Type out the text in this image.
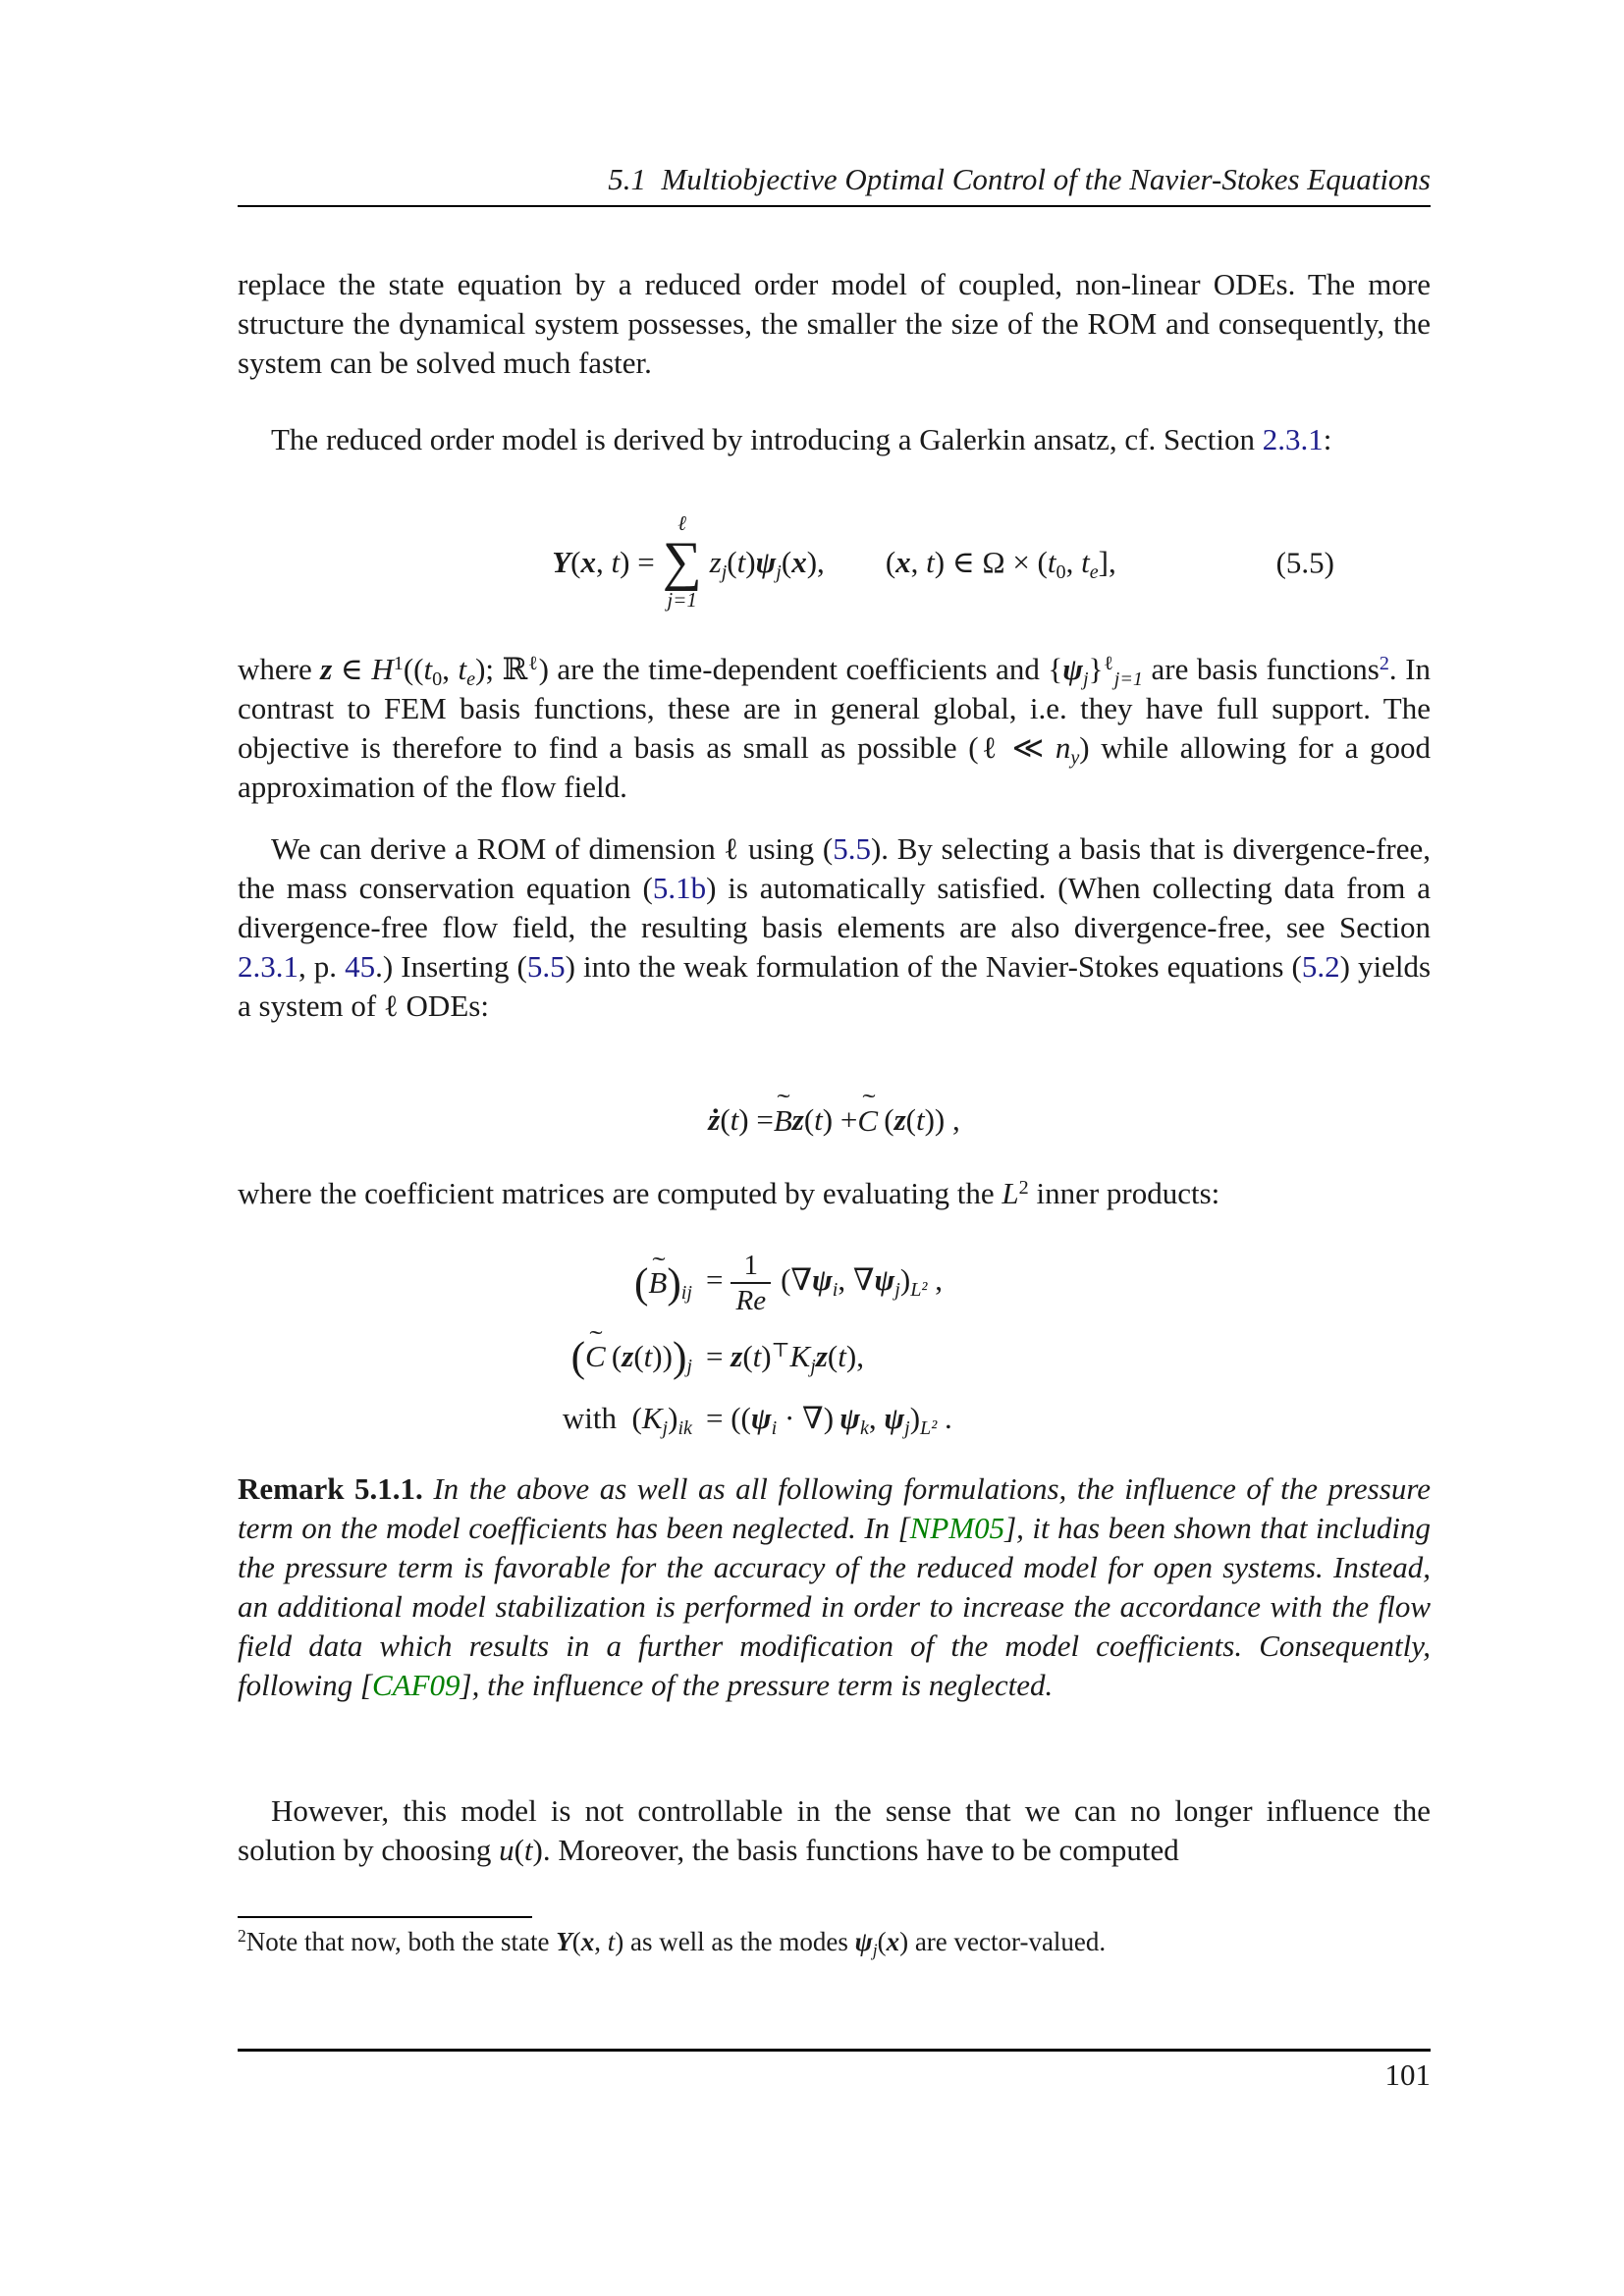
5.1 Multiobjective Optimal Control of the Navier-Stokes Equations
replace the state equation by a reduced order model of coupled, non-linear ODEs. The more structure the dynamical system possesses, the smaller the size of the ROM and consequently, the system can be solved much faster.
The reduced order model is derived by introducing a Galerkin ansatz, cf. Section 2.3.1:
Y(x, t) =
ℓ
∑
j=1
zj(t)ψj(x),   (x, t) ∈ Ω × (t0, te],	(5.5)
where z ∈ $H^1((t0$, te); ℝ$^\ell$) are the time-dependent coefficients and $\{\psi j\}^\ell j=1$ are basis functions$^2$. In contrast to FEM basis functions, these are in general global, i.e. they have full support. The objective is therefore to find a basis as small as possible (ℓ ≪ ny) while allowing for a good approximation of the flow field.
We can derive a ROM of dimension ℓ using (5.5). By selecting a basis that is divergence-free, the mass conservation equation (5.1b) is automatically satisfied. (When collecting data from a divergence-free flow field, the resulting basis elements are also divergence-free, see Section 2.3.1, p. 45.) Inserting (5.5) into the weak formulation of the Navier-Stokes equations (5.2) yields a system of ℓ ODEs:
ż ( t ) = B ˜ z ( t ) + C ˜  ( z ( t )) ,
where the coefficient matrices are computed by evaluating the $L^2$ inner products:
(B ˜)ij = $\frac{1}{Re} (\nabla\psi i$, ∇ψj)L² ,
(C ˜ (z(t)))j = z(t)⊤Kjz(t),
with (Kj)ik = ((ψi · ∇) ψk, ψj)L² .
Remark 5.1.1. In the above as well as all following formulations, the influence of the pressure term on the model coefficients has been neglected. In [NPM05], it has been shown that including the pressure term is favorable for the accuracy of the reduced model for open systems. Instead, an additional model stabilization is performed in order to increase the accordance with the flow field data which results in a further modification of the model coefficients. Consequently, following [CAF09], the influence of the pressure term is neglected.
However, this model is not controllable in the sense that we can no longer influence the solution by choosing u(t). Moreover, the basis functions have to be computed
$^2$Note that now, both the state Y(x, t) as well as the modes ψj(x) are vector-valued.
101
